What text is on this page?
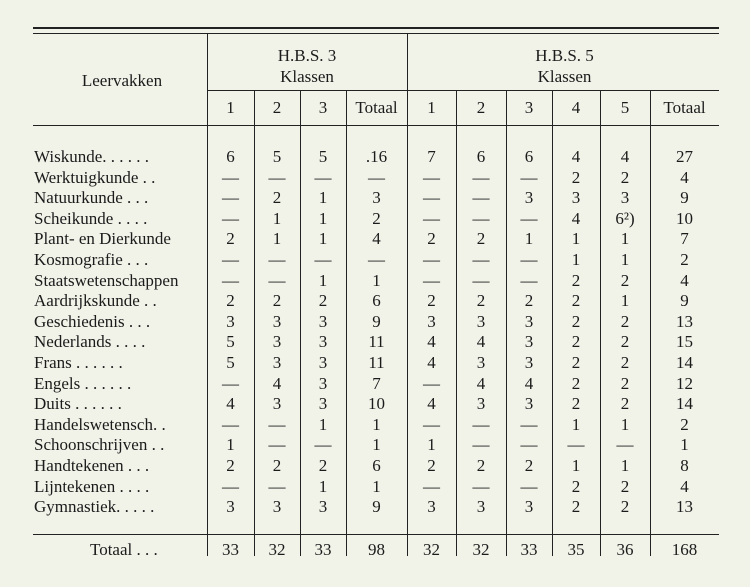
Leervakken
H.B.S. 3
Klassen
H.B.S. 5
Klassen
1	2	3	Totaal	1	2	3	4	5	Totaal
Wiskunde. . . . . .	6	5	5	.16	7	6	6	4	4	27
Werktuigkunde . .	—	—	—	—	—	—	—	2	2	4
Natuurkunde . . .	—	2	1	3	—	—	3	3	3	9
Scheikunde . . . .	—	1	1	2	—	—	—	4	6²)	10
Plant- en Dierkunde	2	1	1	4	2	2	1	1	1	7
Kosmografie . . .	—	—	—	—	—	—	—	1	1	2
Staatswetenschappen	—	—	1	1	—	—	—	2	2	4
Aardrijkskunde . .	2	2	2	6	2	2	2	2	1	9
Geschiedenis . . .	3	3	3	9	3	3	3	2	2	13
Nederlands . . . .	5	3	3	11	4	4	3	2	2	15
Frans . . . . . .	5	3	3	11	4	3	3	2	2	14
Engels . . . . . .	—	4	3	7	—	4	4	2	2	12
Duits . . . . . .	4	3	3	10	4	3	3	2	2	14
Handelswetensch. .	—	—	1	1	—	—	—	1	1	2
Schoonschrijven . .	1	—	—	1	1	—	—	—	—	1
Handtekenen . . .	2	2	2	6	2	2	2	1	1	8
Lijntekenen . . . .	—	—	1	1	—	—	—	2	2	4
Gymnastiek. . . . .	3	3	3	9	3	3	3	2	2	13
Totaal . . .	33	32	33	98	32	32	33	35	36	168
